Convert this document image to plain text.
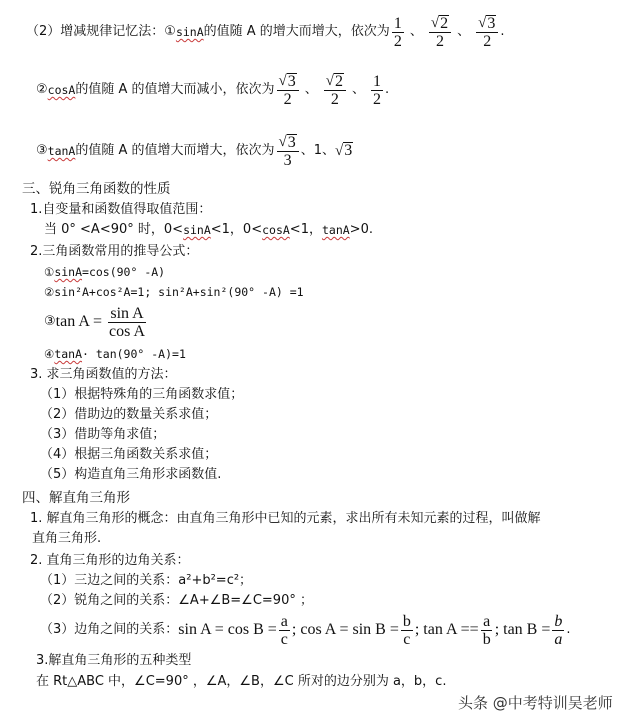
（2）增减规律记忆法：① sinA 的值随 A 的增大而增大，依次为 $\frac{1}{2}$ 、 $\frac{√ 2}{2}$ 、 $\frac{√ 3}{2}$ .
② cosA 的值随 A 的值增大而减小，依次为 $\frac{√ 3}{2}$ 、 $\frac{√ 2}{2}$ 、 $\frac{1}{2}$ .
③ tanA 的值随 A 的值增大而增大，依次为 $\frac{√ 3}{3}$ 、1、 √ 3
三、锐角三角函数的性质
1.自变量和函数值得取值范围：
当 0° <A<90° 时，0< sinA <1，0< cosA <1， tanA >0.
2.三角函数常用的推导公式：
① sinA =cos(90° -A)
②sin²A+cos²A=1; sin²A+sin²(90° -A) =1
③ $\tan A = \frac{\text{sin A}}{\text{cos A}}$
④ tanA · tan(90° -A)=1
3. 求三角函数值的方法：
（1）根据特殊角的三角函数求值；
（2）借助边的数量关系求值；
（3）借助等角求值；
（4）根据三角函数关系求值；
（5）构造直角三角形求函数值.
四、解直角三角形
1. 解直角三角形的概念：由直角三角形中已知的元素，求出所有未知元素的过程，叫做解
直角三角形.
2. 直角三角形的边角关系：
（1）三边之间的关系：a²+b²=c²；
（2）锐角之间的关系：∠A+∠B=∠C=90° ；
（3）边角之间的关系： $\sin A = \cos B = \frac{a}{c}$ ; $\cos A = \sin B = \frac{b}{c}$ ; $\tan A == \frac{a}{b}$ ; $\tan B = \frac{b}{a}$ .
3.解直角三角形的五种类型
在 Rt△ABC 中，∠C=90° ，∠A，∠B，∠C 所对的边分别为 a，b，c.
头条 @中考特训吴老师
